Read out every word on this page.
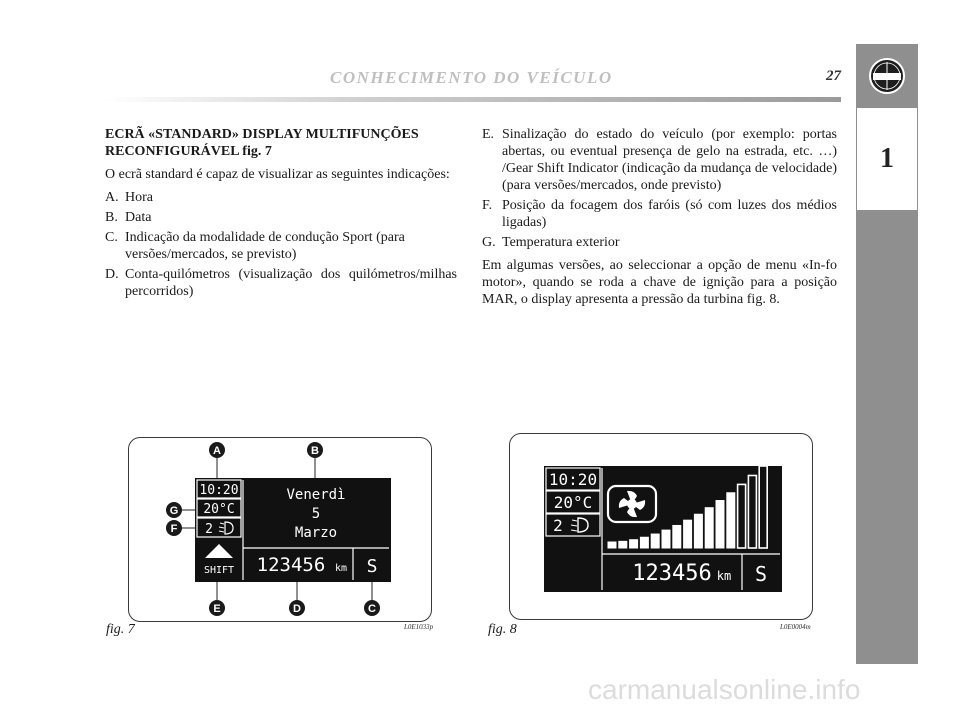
CONHECIMENTO DO VEÍCULO	27
1

ECRÃ «STANDARD» DISPLAY MULTIFUNÇÕES
RECONFIGURÁVEL fig. 7

O ecrã standard é capaz de visualizar as seguintes indicações:

A. Hora
B. Data
C. Indicação da modalidade de condução Sport (para versões/mercados, se previsto)
D. Conta-quilómetros (visualização dos quilómetros/milhas percorridos)
E. Sinalização do estado do veículo (por exemplo: portas abertas, ou eventual presença de gelo na estrada, etc. …) /Gear Shift Indicator (indicação da mudança de velocidade) (para versões/mercados, onde previsto)
F. Posição da focagem dos faróis (só com luzes dos médios ligadas)
G. Temperatura exterior

Em algumas versões, ao seleccionar a opção de menu «In-fo motor», quando se roda a chave de ignição para a posição MAR, o display apresenta a pressão da turbina fig. 8.

10:20
20°C
2
SHIFT
Venerdì
5
Marzo
123456 km S
A	B
C
D
E
F
G
fig. 7	L0E1033p
10:20
20°C
2
123456 km S
fig. 8	L0E0004m
carmanualsonline.info
